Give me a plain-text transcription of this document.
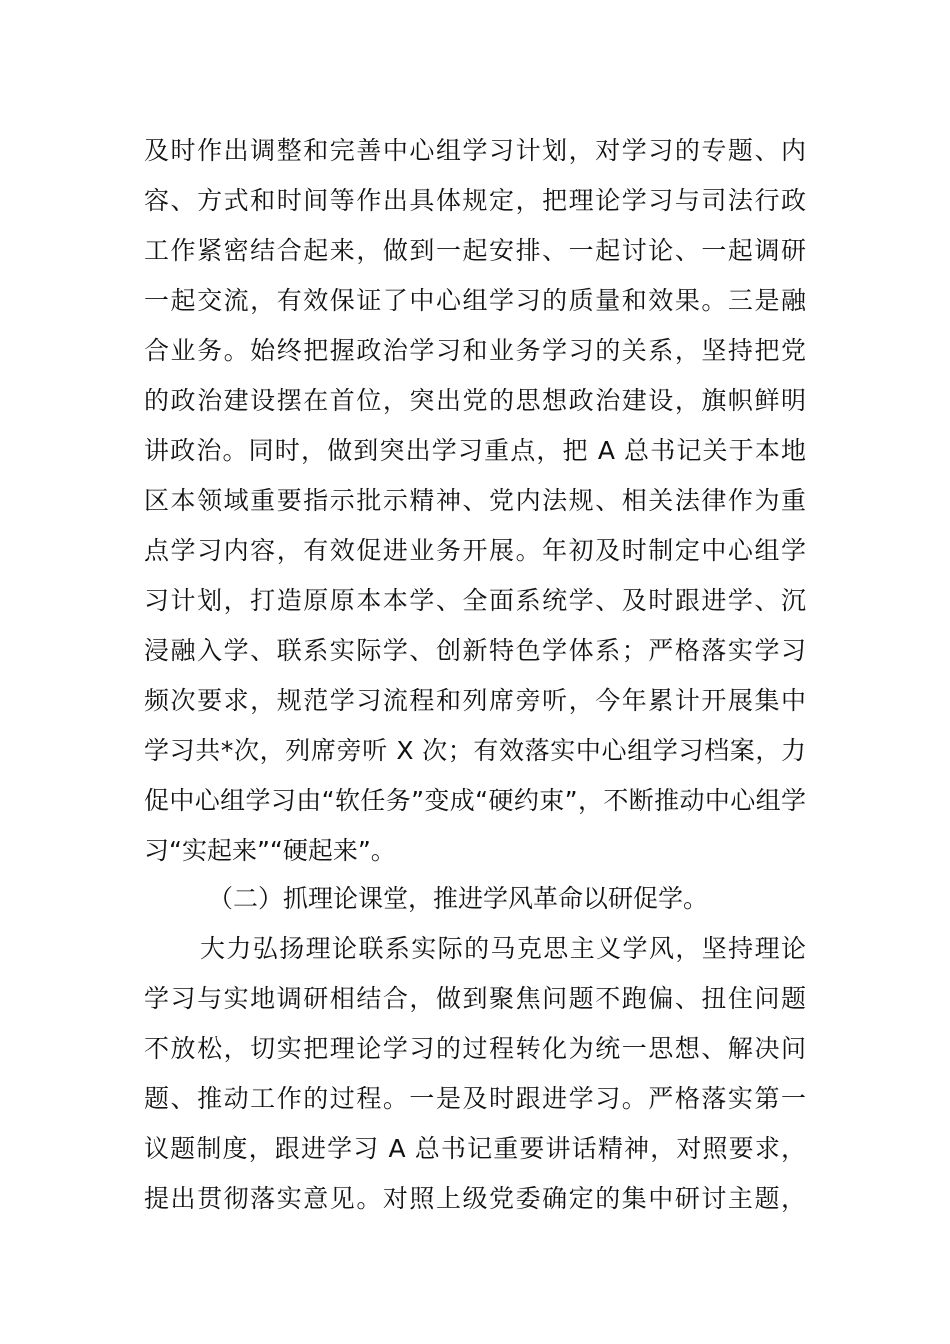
及时作出调整和完善中心组学习计划，对学习的专题、内
容、方式和时间等作出具体规定，把理论学习与司法行政
工作紧密结合起来，做到一起安排、一起讨论、一起调研
一起交流，有效保证了中心组学习的质量和效果。三是融
合业务。始终把握政治学习和业务学习的关系，坚持把党
的政治建设摆在首位，突出党的思想政治建设，旗帜鲜明
讲政治。同时，做到突出学习重点，把 A 总书记关于本地
区本领域重要指示批示精神、党内法规、相关法律作为重
点学习内容，有效促进业务开展。年初及时制定中心组学
习计划，打造原原本本学、全面系统学、及时跟进学、沉
浸融入学、联系实际学、创新特色学体系；严格落实学习
频次要求，规范学习流程和列席旁听，今年累计开展集中
学习共*次，列席旁听 X 次；有效落实中心组学习档案，力
促中心组学习由“软任务”变成“硬约束”，不断推动中心组学
习“实起来”“硬起来”。
（二）抓理论课堂，推进学风革命以研促学。
大力弘扬理论联系实际的马克思主义学风，坚持理论
学习与实地调研相结合，做到聚焦问题不跑偏、扭住问题
不放松，切实把理论学习的过程转化为统一思想、解决问
题、推动工作的过程。一是及时跟进学习。严格落实第一
议题制度，跟进学习 A 总书记重要讲话精神，对照要求，
提出贯彻落实意见。对照上级党委确定的集中研讨主题，
